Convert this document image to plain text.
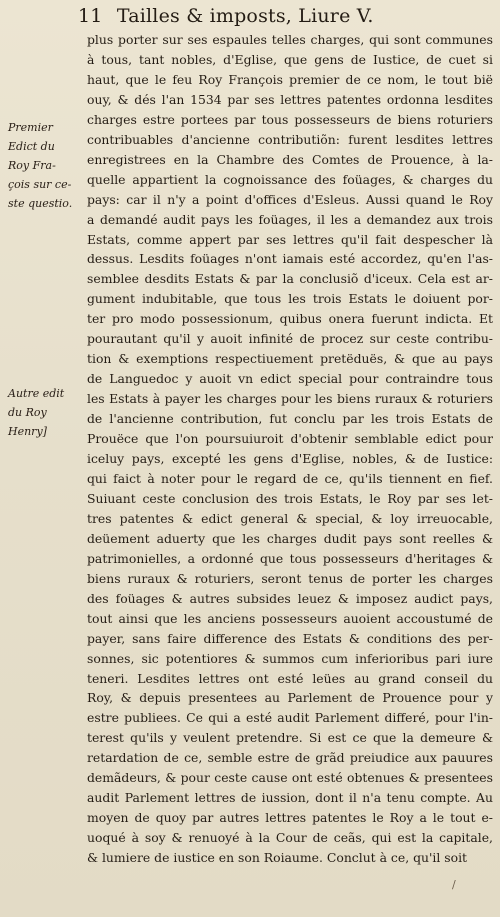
11 Tailles & imposts, Liure V.
Premier
Edict du
Roy Fra-
çois sur ce-
ste questio.
Autre edit
du Roy
Henry]
plus porter sur ses espaules telles charges, qui sont communes
à tous, tant nobles, d'Eglise, que gens de Iustice, de cuet si
haut, que le feu Roy François premier de ce nom, le tout bië
ouy, & dés l'an 1534 par ses lettres patentes ordonna lesdites
charges estre portees par tous possesseurs de biens roturiers
contribuables d'ancienne contributiõn: furent lesdites lettres
enregistrees en la Chambre des Comtes de Prouence, à la-
quelle appartient la cognoissance des foüages, & charges du
pays: car il n'y a point d'offices d'Esleus. Aussi quand le Roy
a demandé audit pays les foüages, il les a demandez aux trois
Estats, comme appert par ses lettres qu'il fait despescher là
dessus. Lesdits foüages n'ont iamais esté accordez, qu'en l'as-
semblee desdits Estats & par la conclusiõ d'iceux. Cela est ar-
gument indubitable, que tous les trois Estats le doiuent por-
ter pro modo possessionum, quibus onera fuerunt indicta. Et
pourautant qu'il y auoit infinité de procez sur ceste contribu-
tion & exemptions respectiuement pretëduës, & que au pays
de Languedoc y auoit vn edict special pour contraindre tous
les Estats à payer les charges pour les biens ruraux & roturiers
de l'ancienne contribution, fut conclu par les trois Estats de
Prouëce que l'on poursuiuroit d'obtenir semblable edict pour
iceluy pays, excepté les gens d'Eglise, nobles, & de Iustice:
qui faict à noter pour le regard de ce, qu'ils tiennent en fief.
Suiuant ceste conclusion des trois Estats, le Roy par ses let-
tres patentes & edict general & special, & loy irreuocable,
deüement aduerty que les charges dudit pays sont reelles &
patrimonielles, a ordonné que tous possesseurs d'heritages &
biens ruraux & roturiers, seront tenus de porter les charges
des foüages & autres subsides leuez & imposez audict pays,
tout ainsi que les anciens possesseurs auoient accoustumé de
payer, sans faire difference des Estats & conditions des per-
sonnes, sic potentiores & summos cum inferioribus pari iure
teneri. Lesdites lettres ont esté leües au grand conseil du
Roy, & depuis presentees au Parlement de Prouence pour y
estre publiees. Ce qui a esté audit Parlement differé, pour l'in-
terest qu'ils y veulent pretendre. Si est ce que la demeure &
retardation de ce, semble estre de grãd preiudice aux pauures
demãdeurs, & pour ceste cause ont esté obtenues & presentees
audit Parlement lettres de iussion, dont il n'a tenu compte. Au
moyen de quoy par autres lettres patentes le Roy a le tout e-
uoqué à soy & renuoyé à la Cour de ceãs, qui est la capitale,
& lumiere de iustice en son Roiaume. Conclut à ce, qu'il soit
/
